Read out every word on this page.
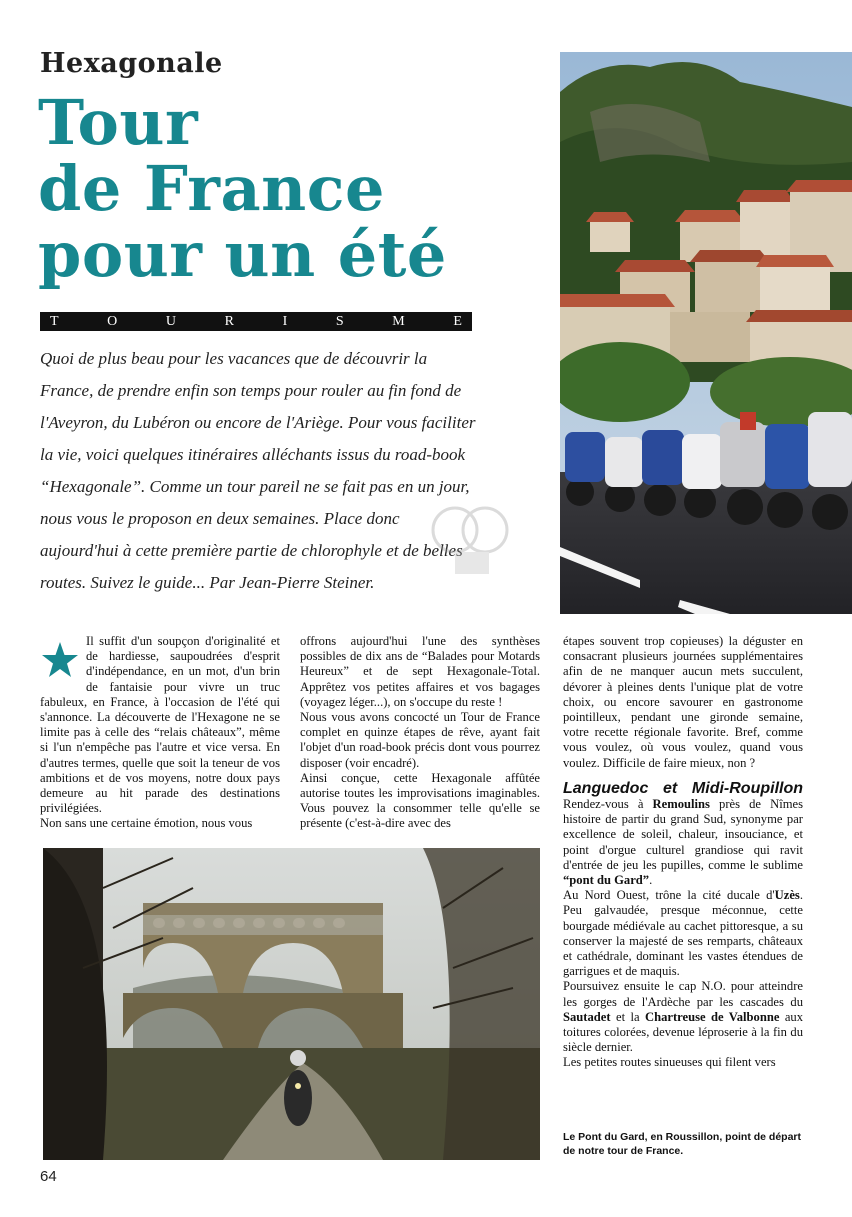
Hexagonale
Tour
de France
pour un été
T	O	U	R	I	S	M	E
Quoi de plus beau pour les vacances que de découvrir la France, de prendre enfin son temps pour rouler au fin fond de l'Aveyron, du Lubéron ou encore de l'Ariège. Pour vous faciliter la vie, voici quelques itinéraires alléchants issus du road-book “Hexagonale”. Comme un tour pareil ne se fait pas en un jour, nous vous le proposon en deux semaines. Place donc aujourd'hui à cette première partie de chlorophyle et de belles routes. Suivez le guide... Par Jean-Pierre Steiner.

Il suffit d'un soupçon d'originalité et de hardiesse, saupoudrées d'esprit d'indépendance, en un mot, d'un brin de fantaisie pour vivre un truc fabuleux, en France, à l'occasion de l'été qui s'annonce. La découverte de l'Hexagone ne se limite pas à celle des “relais châteaux”, même si l'un n'empêche pas l'autre et vice versa. En d'autres termes, quelle que soit la teneur de vos ambitions et de vos moyens, notre doux pays demeure au hit parade des destinations privilégiées.

Non sans une certaine émotion, nous vous

offrons aujourd'hui l'une des synthèses possibles de dix ans de “Balades pour Motards Heureux” et de sept Hexagonale-Total. Apprêtez vos petites affaires et vos bagages (voyagez léger...), on s'occupe du reste !

Nous vous avons concocté un Tour de France complet en quinze étapes de rêve, ayant fait l'objet d'un road-book précis dont vous pourrez disposer (voir encadré).

Ainsi conçue, cette Hexagonale affûtée autorise toutes les improvisations imaginables. Vous pouvez la consommer telle qu'elle se présente (c'est-à-dire avec des

étapes souvent trop copieuses) la déguster en consacrant plusieurs journées supplémentaires afin de ne manquer aucun mets succulent, dévorer à pleines dents l'unique plat de votre choix, ou encore savourer en gastronome pointilleux, pendant une gironde semaine, votre recette régionale favorite. Bref, comme vous voulez, où vous voulez, quand vous voulez. Difficile de faire mieux, non ?

Languedoc et Midi-Roupillon Rendez-vous à Remoulins près de Nîmes histoire de partir du grand Sud, synonyme par excellence de soleil, chaleur, insouciance, et point d'orgue culturel grandiose qui ravit d'entrée de jeu les pupilles, comme le sublime “pont du Gard”.

Au Nord Ouest, trône la cité ducale d'Uzès. Peu galvaudée, presque méconnue, cette bourgade médiévale au cachet pittoresque, a su conserver la majesté de ses remparts, châteaux et cathédrale, dominant les vastes étendues de garrigues et de maquis.

Poursuivez ensuite le cap N.O. pour atteindre les gorges de l'Ardèche par les cascades du Sautadet et la Chartreuse de Valbonne aux toitures colorées, devenue léproserie à la fin du siècle dernier.

Les petites routes sinueuses qui filent vers

Le Pont du Gard, en Roussillon, point de départ de notre tour de France.
64
